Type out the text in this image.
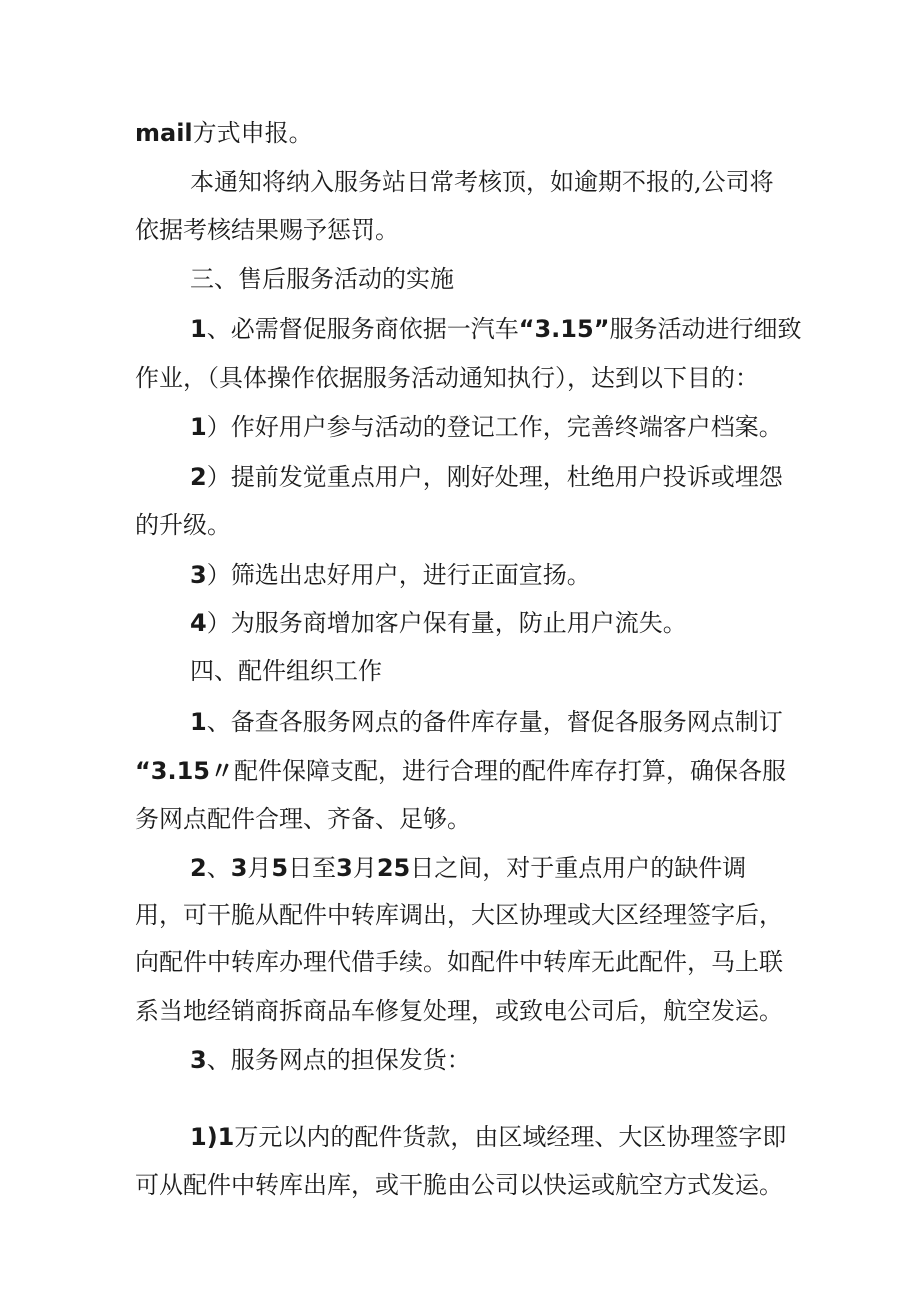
mail方式申报。
本通知将纳入服务站日常考核顶，如逾期不报的,公司将
依据考核结果赐予惩罚。
三、售后服务活动的实施
1、必需督促服务商依据一汽车“3.15”服务活动进行细致
作业，（具体操作依据服务活动通知执行），达到以下目的：
1）作好用户参与活动的登记工作，完善终端客户档案。
2）提前发觉重点用户，刚好处理，杜绝用户投诉或埋怨
的升级。
3）筛选出忠好用户，进行正面宣扬。
4）为服务商增加客户保有量，防止用户流失。
四、配件组织工作
1、备查各服务网点的备件库存量，督促各服务网点制订
“3.15〃配件保障支配，进行合理的配件库存打算，确保各服
务网点配件合理、齐备、足够。
2、3月5日至3月25日之间，对于重点用户的缺件调
用，可干脆从配件中转库调出，大区协理或大区经理签字后，
向配件中转库办理代借手续。如配件中转库无此配件，马上联
系当地经销商拆商品车修复处理，或致电公司后，航空发运。
3、服务网点的担保发货：
1)1万元以内的配件货款，由区域经理、大区协理签字即
可从配件中转库出库，或干脆由公司以快运或航空方式发运。
